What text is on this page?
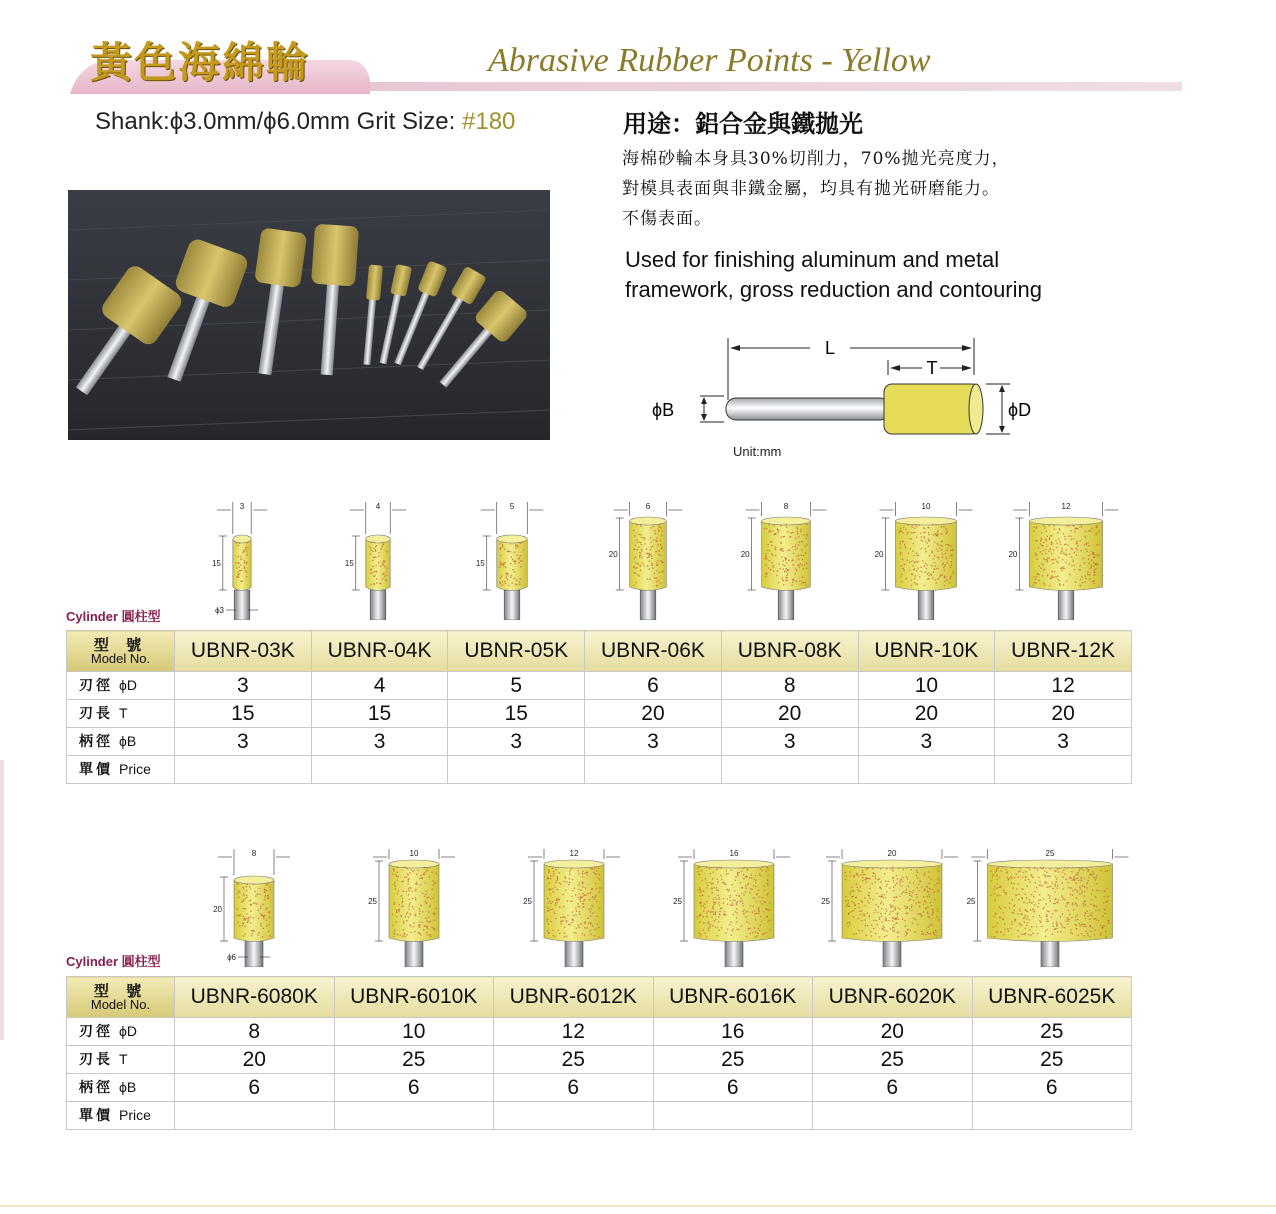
黃色海綿輪	Abrasive Rubber Points - Yellow
Shank:ϕ3.0mm/ϕ6.0mm Grit Size: #180	用途：鋁合金與鐵拋光
海棉砂輪本身具30%切削力，70%拋光亮度力，
對模具表面與非鐵金屬，均具有拋光研磨能力。
不傷表面。
Used for finishing aluminum and metal
framework, gross reduction and contouring
L
T
ϕB	ϕD
Unit:mm
3
15
4
15
5
15
6
20
8
20
10
20
12
20
ϕ3
Cylinder 圓柱型
型 號
Model No.	UBNR-03K	UBNR-04K	UBNR-05K	UBNR-06K	UBNR-08K	UBNR-10K	UBNR-12K
刃徑 ϕD	3	4	5	6	8	10	12
刃長 T	15	15	15	20	20	20	20
柄徑 ϕB	3	3	3	3	3	3	3
單價 Price							
8
20
10
25
12
25
16
25
20
25
25
25
ϕ6
Cylinder 圓柱型
型 號
Model No.	UBNR-6080K	UBNR-6010K	UBNR-6012K	UBNR-6016K	UBNR-6020K	UBNR-6025K
刃徑 ϕD	8	10	12	16	20	25
刃長 T	20	25	25	25	25	25
柄徑 ϕB	6	6	6	6	6	6
單價 Price						
